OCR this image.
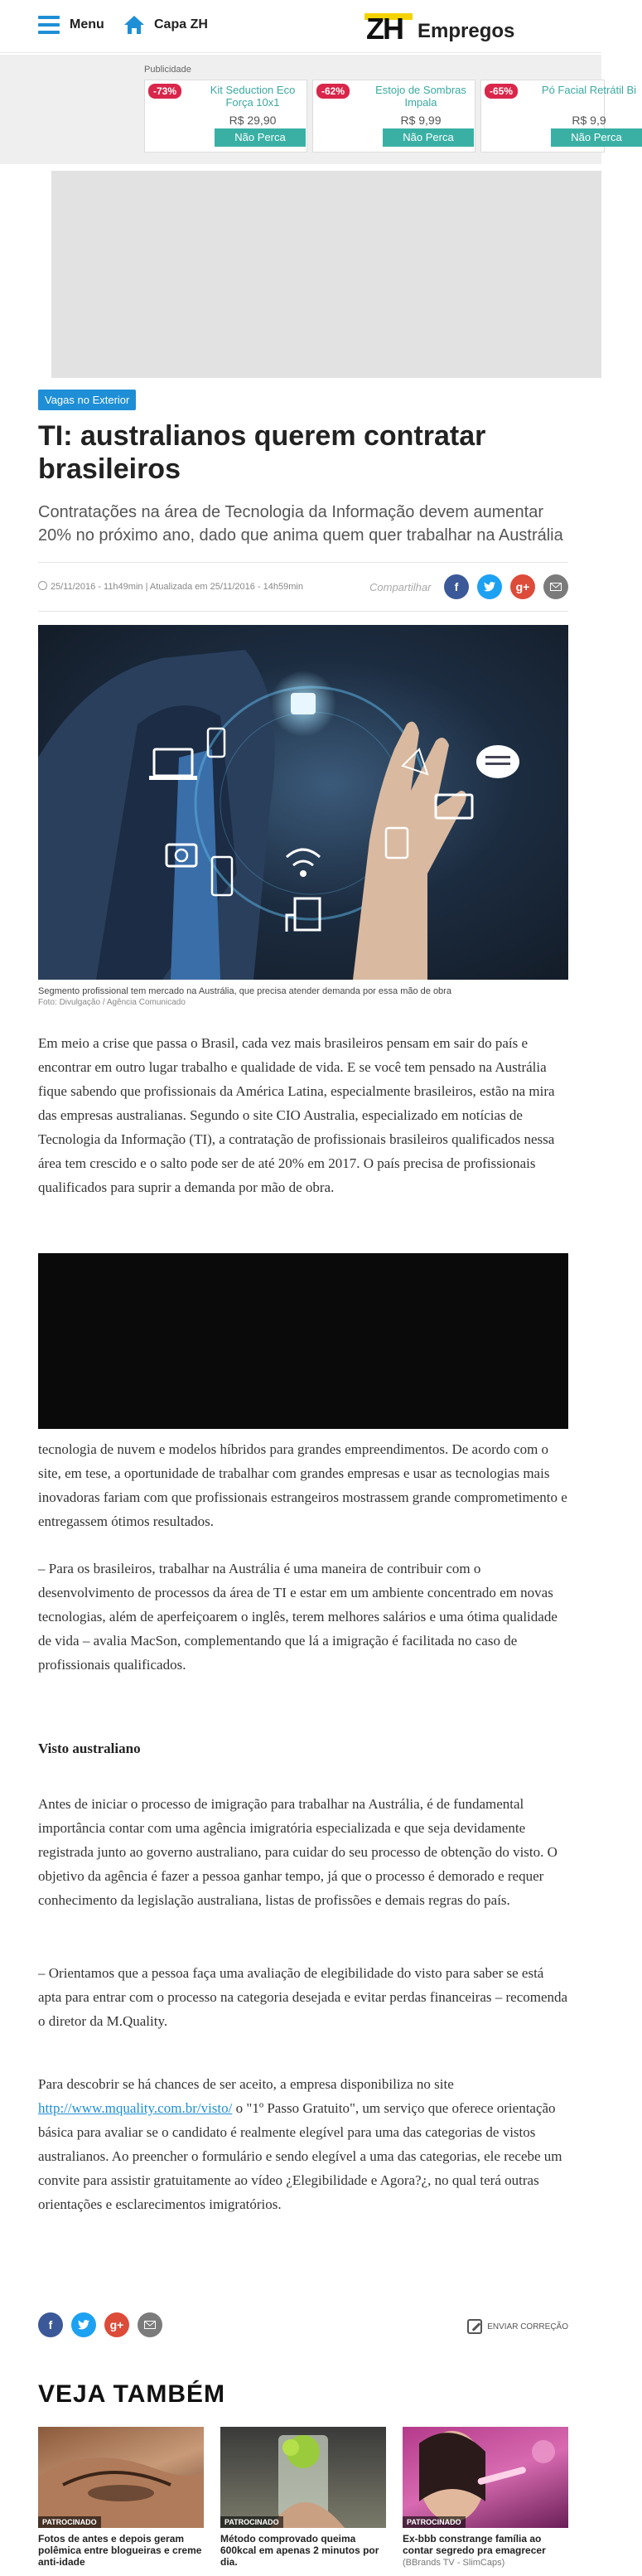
Menu	Capa ZH	ZH Empregos
Publicidade
-73%	Kit Seduction Eco Força 10x1
R$ 29,90
Não Perca
-62%	Estojo de Sombras Impala
R$ 9,99
Não Perca
-65%	Pó Facial Retrátil Bi
R$ 9,9
Não Perca
Vagas no Exterior
TI: australianos querem contratar brasileiros

Contratações na área de Tecnologia da Informação devem aumentar 20% no próximo ano, dado que anima quem quer trabalhar na Austrália

25/11/2016 - 11h49min | Atualizada em 25/11/2016 - 14h59min	Compartilhar	f	g+
Segmento profissional tem mercado na Austrália, que precisa atender demanda por essa mão de obra
Foto: Divulgação / Agência Comunicado

Em meio a crise que passa o Brasil, cada vez mais brasileiros pensam em sair do país e encontrar em outro lugar trabalho e qualidade de vida. E se você tem pensado na Austrália fique sabendo que profissionais da América Latina, especialmente brasileiros, estão na mira das empresas australianas. Segundo o site CIO Australia, especializado em notícias de Tecnologia da Informação (TI), a contratação de profissionais brasileiros qualificados nessa área tem crescido e o salto pode ser de até 20% em 2017. O país precisa de profissionais qualificados para suprir a demanda por mão de obra.

tecnologia de nuvem e modelos híbridos para grandes empreendimentos. De acordo com o site, em tese, a oportunidade de trabalhar com grandes empresas e usar as tecnologias mais inovadoras fariam com que profissionais estrangeiros mostrassem grande comprometimento e entregassem ótimos resultados.

– Para os brasileiros, trabalhar na Austrália é uma maneira de contribuir com o desenvolvimento de processos da área de TI e estar em um ambiente concentrado em novas tecnologias, além de aperfeiçoarem o inglês, terem melhores salários e uma ótima qualidade de vida – avalia MacSon, complementando que lá a imigração é facilitada no caso de profissionais qualificados.

Visto australiano

Antes de iniciar o processo de imigração para trabalhar na Austrália, é de fundamental importância contar com uma agência imigratória especializada e que seja devidamente registrada junto ao governo australiano, para cuidar do seu processo de obtenção do visto. O objetivo da agência é fazer a pessoa ganhar tempo, já que o processo é demorado e requer conhecimento da legislação australiana, listas de profissões e demais regras do país.

– Orientamos que a pessoa faça uma avaliação de elegibilidade do visto para saber se está apta para entrar com o processo na categoria desejada e evitar perdas financeiras – recomenda o diretor da M.Quality.

Para descobrir se há chances de ser aceito, a empresa disponibiliza no site http://www.mquality.com.br/visto/ o "1º Passo Gratuito", um serviço que oferece orientação básica para avaliar se o candidato é realmente elegível para uma das categorias de vistos australianos. Ao preencher o formulário e sendo elegível a uma das categorias, ele recebe um convite para assistir gratuitamente ao vídeo ¿Elegibilidade e Agora?¿, no qual terá outras orientações e esclarecimentos imigratórios.

f	g+	ENVIAR CORREÇÃO
VEJA TAMBÉM
PATROCINADO
Fotos de antes e depois geram polêmica entre blogueiras e creme anti-idade
PATROCINADO
Método comprovado queima 600kcal em apenas 2 minutos por dia.
PATROCINADO
Ex-bbb constrange família ao contar segredo pra emagrecer
(BBrands TV - SlimCaps)
